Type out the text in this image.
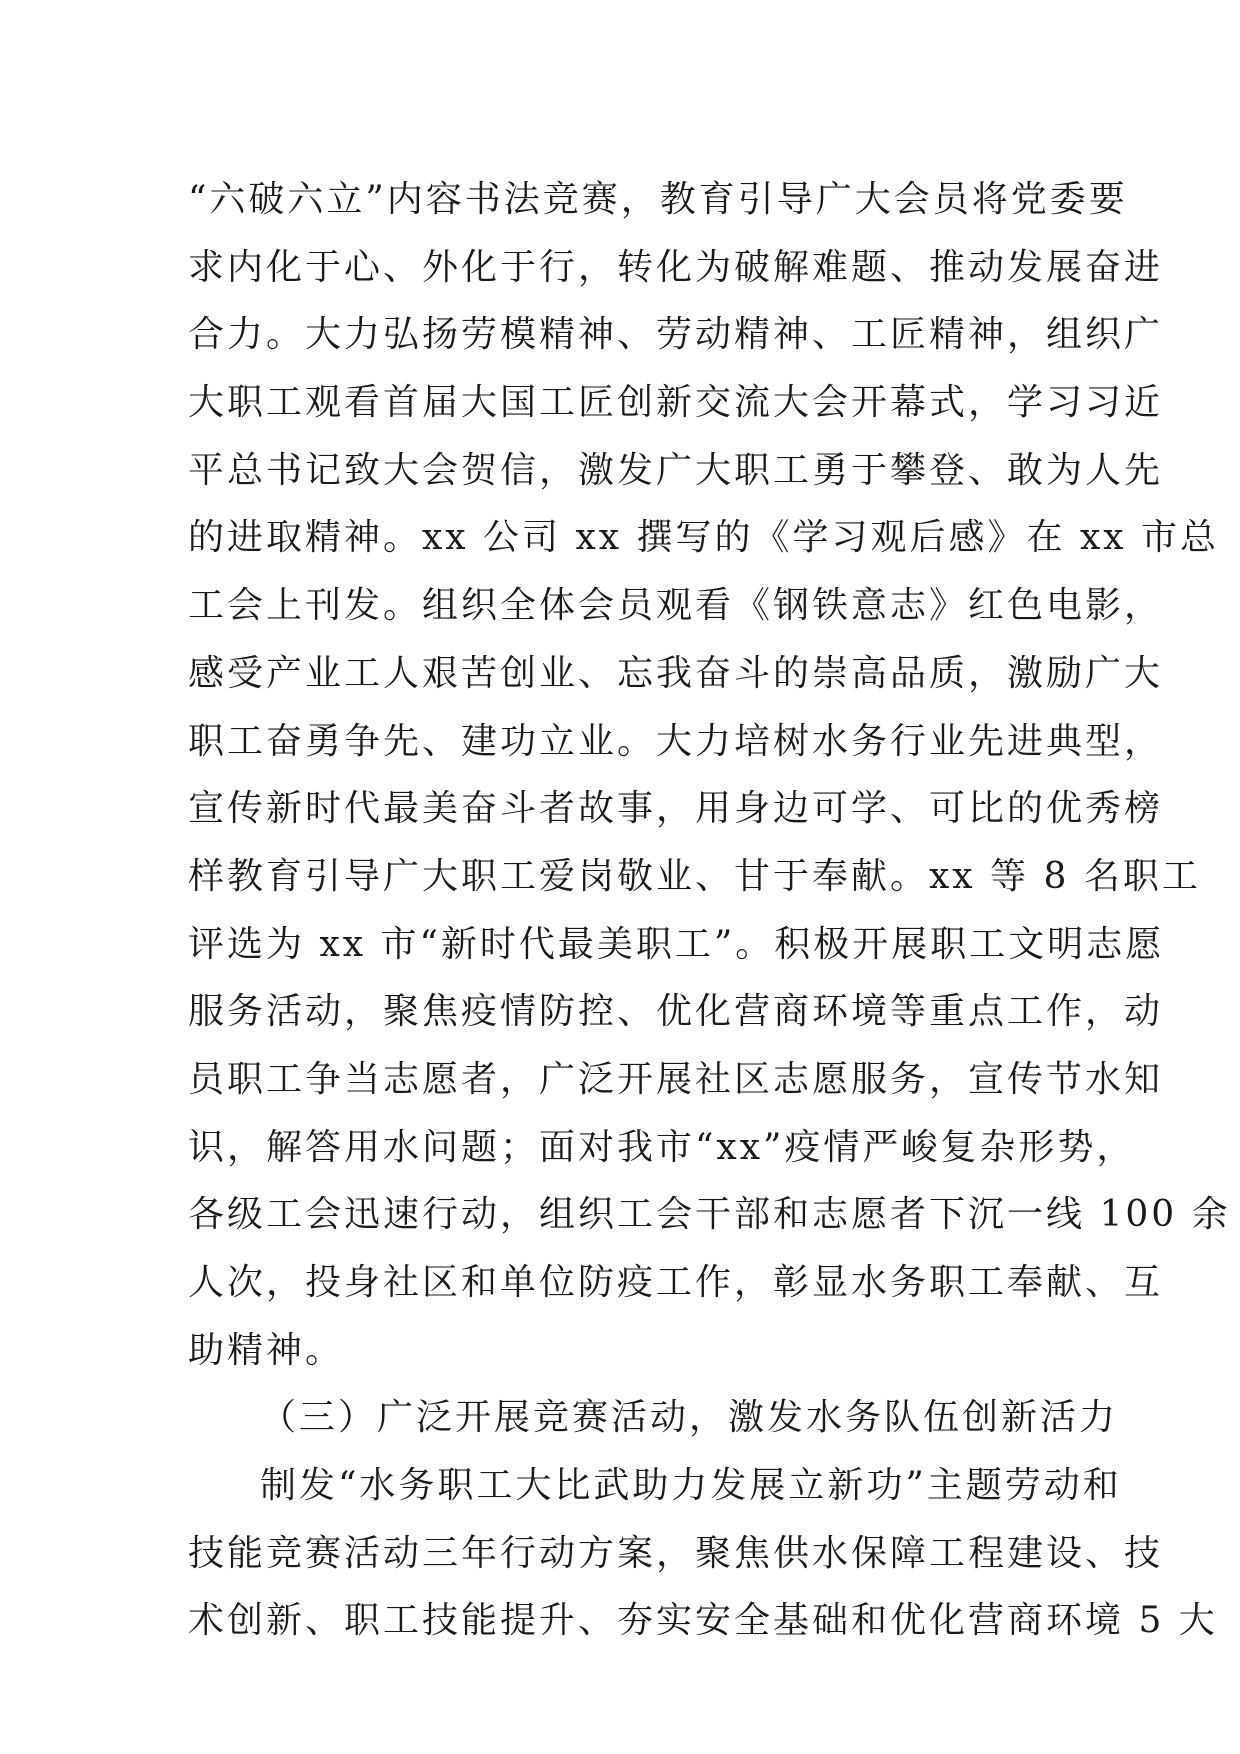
“六破六立”内容书法竞赛，教育引导广大会员将党委要
求内化于心、外化于行，转化为破解难题、推动发展奋进
合力。大力弘扬劳模精神、劳动精神、工匠精神，组织广
大职工观看首届大国工匠创新交流大会开幕式，学习习近
平总书记致大会贺信，激发广大职工勇于攀登、敢为人先
的进取精神。xx 公司 xx 撰写的《学习观后感》在 xx 市总
工会上刊发。组织全体会员观看《钢铁意志》红色电影，
感受产业工人艰苦创业、忘我奋斗的崇高品质，激励广大
职工奋勇争先、建功立业。大力培树水务行业先进典型，
宣传新时代最美奋斗者故事，用身边可学、可比的优秀榜
样教育引导广大职工爱岗敬业、甘于奉献。xx 等 8 名职工
评选为 xx 市“新时代最美职工”。积极开展职工文明志愿
服务活动，聚焦疫情防控、优化营商环境等重点工作，动
员职工争当志愿者，广泛开展社区志愿服务，宣传节水知
识，解答用水问题；面对我市“xx”疫情严峻复杂形势，
各级工会迅速行动，组织工会干部和志愿者下沉一线 100 余
人次，投身社区和单位防疫工作，彰显水务职工奉献、互
助精神。
（三）广泛开展竞赛活动，激发水务队伍创新活力
制发“水务职工大比武助力发展立新功”主题劳动和
技能竞赛活动三年行动方案，聚焦供水保障工程建设、技
术创新、职工技能提升、夯实安全基础和优化营商环境 5 大
